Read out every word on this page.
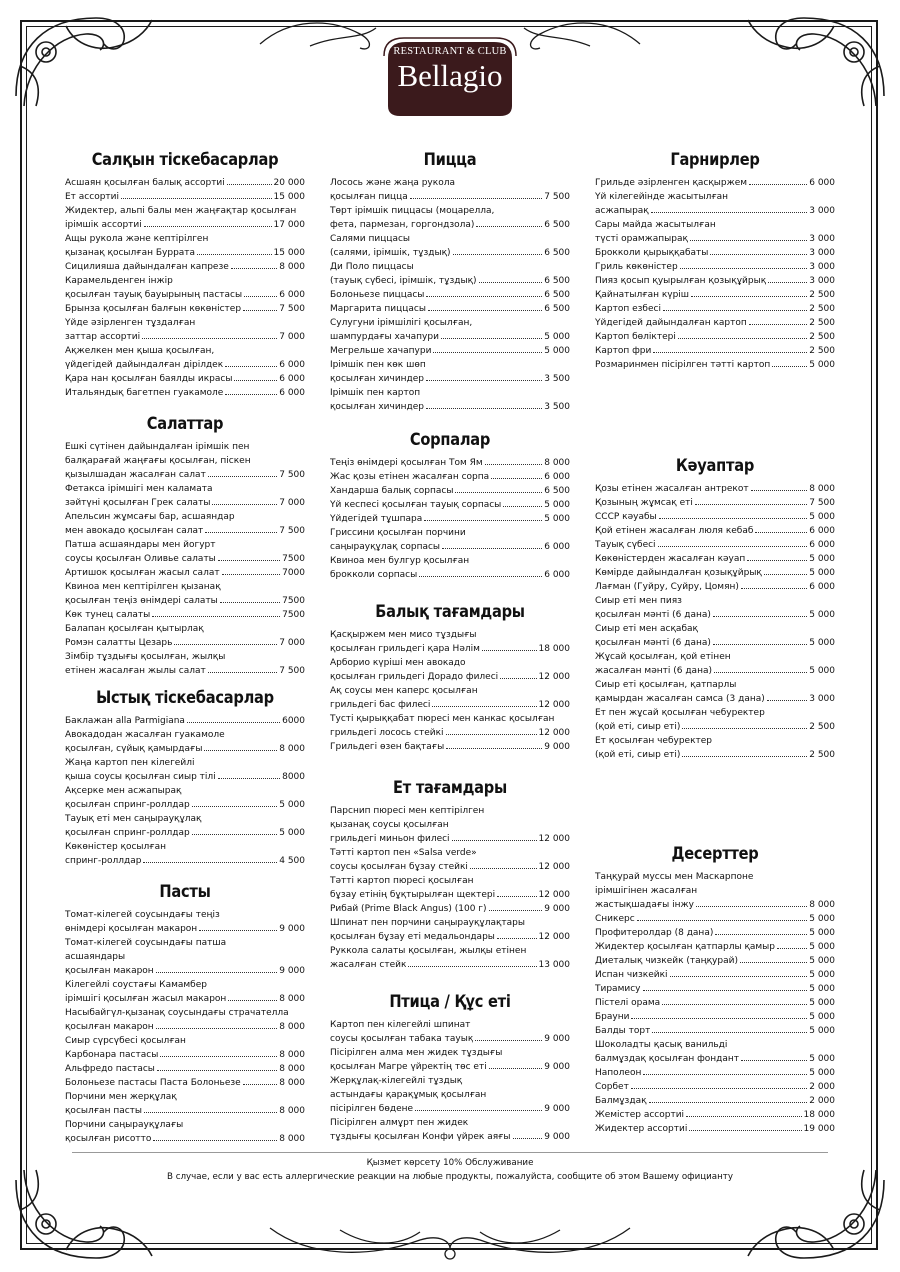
RESTAURANT & CLUB
Bellagio
Салқын тіскебасарлар
Асшаян қосылған балық ассортиі	20 000
Ет ассортиі	15 000
Жидектер, альпі балы мен жаңғақтар қосылған
ірімшік ассортиі	17 000
Ащы рукола және кептірілген
қызанақ қосылған Буррата	15 000
Сицилияша дайындалған капрезе	8 000
Карамельденген інжір
қосылған тауық бауырының пастасы	6 000
Брынза қосылған балғын көкөністер	7 500
Үйде әзірленген тұздалған
заттар ассортиі	7 000
Ақжелкен мен қыша қосылған,
үйдегідей дайындалған дірілдек	6 000
Қара нан қосылған баялды икрасы	6 000
Итальяндық багетпен гуакамоле	6 000
Салаттар
Ешкі сүтінен дайындалған ірімшік пен
балқарағай жаңғағы қосылған, піскен
қызылшадан жасалған салат	7 500
Фетакса ірімшігі мен каламата
зәйтүні қосылған Грек салаты	7 000
Апельсин жұмсағы бар, асшаяндар
мен авокадо қосылған салат	7 500
Патша асшаяндары мен йогурт
соусы қосылған Оливье салаты	7500
Артишок қосылған жасыл салат	7000
Квиноа мен кептірілген қызанақ
қосылған теңіз өнімдері салаты	7500
Көк тунец салаты	7500
Балапан қосылған қытырлақ
Ромэн салатты Цезарь	7 000
Зімбір тұздығы қосылған, жылқы
етінен жасалған жылы салат	7 500
Ыстық тіскебасарлар
Баклажан alla Parmigiana	6000
Авокадодан жасалған гуакамоле
қосылған, сүйық қамырдағы	8 000
Жаңа картоп пен кілегейлі
қыша соусы қосылған сиыр тілі	8000
Ақсерке мен асжапырақ
қосылған спринг-роллдар	5 000
Тауық еті мен саңырауқұлақ
қосылған спринг-роллдар	5 000
Көкөністер қосылған
спринг-роллдар	4 500
Пасты
Томат-кілегей соусындағы теңіз
өнімдері қосылған макарон	9 000
Томат-кілегей соусындағы патша
асшаяндары
қосылған макарон	9 000
Кілегейлі соустағы Камамбер
ірімшігі қосылған жасыл макарон	8 000
Насыбайгүл-қызанақ соусындағы страчателла
қосылған макарон	8 000
Сиыр сүрсүбесі қосылған
Карбонара пастасы	8 000
Альфредо пастасы	8 000
Болоньезе пастасы Паста Болоньезе	8 000
Порчини мен жерқұлақ
қосылған пасты	8 000
Порчини саңырауқұлағы
қосылған рисотто	8 000
Пицца
Лосось және жаңа рукола
қосылған пицца	7 500
Төрт ірімшік пиццасы (моцарелла,
фета, пармезан, горгондзола)	6 500
Салями пиццасы
(салями, ірімшік, тұздық)	6 500
Ди Поло пиццасы
(тауық сүбесі, ірімшік, тұздық)	6 500
Болоньезе пиццасы	6 500
Маргарита пиццасы	6 500
Сулугуни ірімшілігі қосылған,
шампурдағы хачапури	5 000
Мегрельше хачапури	5 000
Ірімшік пен көк шөп
қосылған хичиндер	3 500
Ірімшік пен картоп
қосылған хичиндер	3 500
Сорпалар
Теңіз өнімдері қосылған Том Ям	8 000
Жас қозы етінен жасалған сорпа	6 000
Хандарша балық сорпасы	6 500
Үй кеспесі қосылған тауық сорпасы	5 000
Үйдегідей тұшпара	5 000
Гриссини қосылған порчини
саңырауқұлақ сорпасы	6 000
Квиноа мен булгур қосылған
брокколи сорпасы	6 000
Балық тағамдары
Қасқыржем мен мисо тұздығы
қосылған грильдегі қара Нәлім	18 000
Арборио күріші мен авокадо
қосылған грильдегі Дорадо филесі	12 000
Ақ соусы мен каперс қосылған
грильдегі бас филесі	12 000
Тусті қырыққабат пюресі мен канкас қосылған
грильдегі лосось стейкі	12 000
Грильдегі өзен бақтағы	9 000
Ет тағамдары
Парснип пюресі мен кептірілген
қызанақ соусы қосылған
грильдегі миньон филесі	12 000
Тәтті картоп пен «Salsa verde»
соусы қосылған бұзау стейкі	12 000
Тәтті картоп пюресі қосылған
бұзау етінің бұқтырылған щектері	12 000
Рибай (Prime Black Angus) (100 г)	9 000
Шпинат пен порчини саңырауқұлақтары
қосылған бұзау еті медальондары	12 000
Руккола салаты қосылған, жылқы етінен
жасалған стейк	13 000
Птица / Құс еті
Картоп пен кілегейлі шпинат
соусы қосылған табака тауық	9 000
Пісірілген алма мен жидек тұздығы
қосылған Магре үйректің төс еті	9 000
Жерқұлақ-кілегейлі тұздық
астындағы қарақұмық қосылған
пісірілген бөдене	9 000
Пісірілген алмұрт пен жидек
тұздығы қосылған Конфи үйрек аяғы	9 000
Гарнирлер
Грильде әзірленген қасқыржем	6 000
Үй кілегейінде жасытылған
асжапырақ	3 000
Сары майда жасытылған
түсті орамжапырақ	3 000
Брокколи қырыққабаты	3 000
Гриль көкөністер	3 000
Пияз қосып қуырылған қозықұйрық	3 000
Қайнатылған күріш	2 500
Картоп езбесі	2 500
Үйдегідей дайындалған картоп	2 500
Картоп бөліктері	2 500
Картоп фри	2 500
Розмаринмен пісірілген тәтті картоп	5 000
Кәуаптар
Қозы етінен жасалған антрекот	8 000
Қозының жұмсақ еті	7 500
СССР кәуабы	5 000
Қой етінен жасалған люля кебаб	6 000
Тауық сүбесі	6 000
Көкөністерден жасалған кәуап	5 000
Көмірде дайындалған қозықұйрық	5 000
Лағман (Гуйру, Суйру, Цомян)	6 000
Сиыр еті мен пияз
қосылған мәнті (6 дана)	5 000
Сиыр еті мен асқабақ
қосылған мәнті (6 дана)	5 000
Жұсай қосылған, қой етінен
жасалған мәнті (6 дана)	5 000
Сиыр еті қосылған, қатпарлы
қамырдан жасалған самса (3 дана)	3 000
Ет пен жұсай қосылған чебуректер
(қой еті, сиыр еті)	2 500
Ет қосылған чебуректер
(қой еті, сиыр еті)	2 500
Десерттер
Таңқурай муссы мен Маскарпоне
ірімшігінен жасалған
жастықшадағы інжу	8 000
Сникерс	5 000
Профитеролдар (8 дана)	5 000
Жидектер қосылған қатпарлы қамыр	5 000
Диеталық чизкейк (таңқурай)	5 000
Испан чизкейкі	5 000
Тирамису	5 000
Пістелі орама	5 000
Брауни	5 000
Балды торт	5 000
Шоколадты қасық ванильді
балмұздақ қосылған фондант	5 000
Наполеон	5 000
Сорбет	2 000
Балмұздақ	2 000
Жемістер ассортиі	18 000
Жидектер ассортиі	19 000
Қызмет көрсету 10% Обслуживание
В случае, если у вас есть аллергические реакции на любые продукты, пожалуйста, сообщите об этом Вашему официанту
